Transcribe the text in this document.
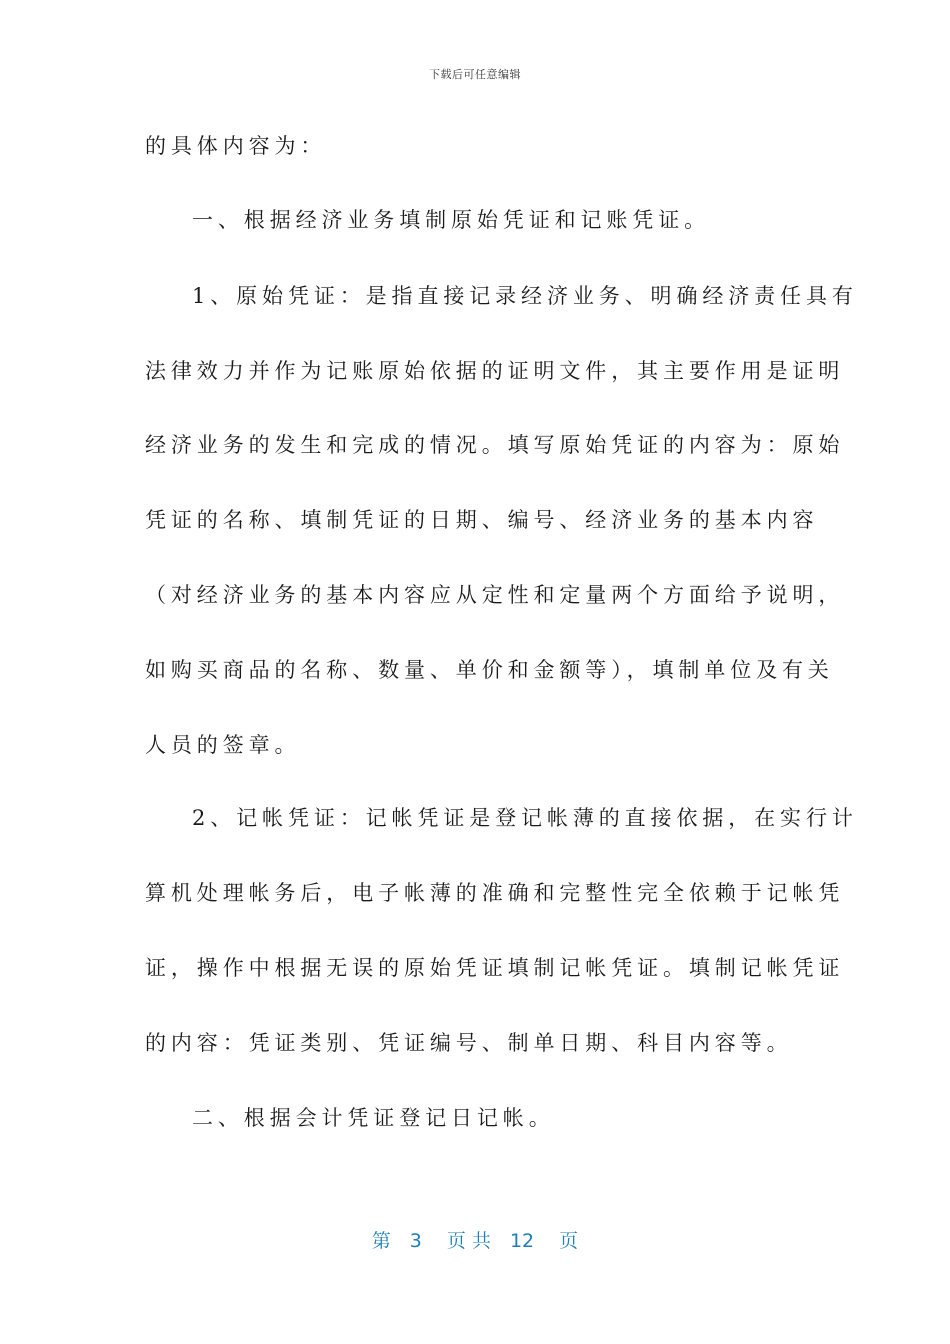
下载后可任意编辑
的具体内容为：
一、根据经济业务填制原始凭证和记账凭证。
1、原始凭证：是指直接记录经济业务、明确经济责任具有
法律效力并作为记账原始依据的证明文件，其主要作用是证明
经济业务的发生和完成的情况。填写原始凭证的内容为：原始
凭证的名称、填制凭证的日期、编号、经济业务的基本内容
（对经济业务的基本内容应从定性和定量两个方面给予说明，
如购买商品的名称、数量、单价和金额等），填制单位及有关
人员的签章。
2、记帐凭证：记帐凭证是登记帐薄的直接依据，在实行计
算机处理帐务后，电子帐薄的准确和完整性完全依赖于记帐凭
证，操作中根据无误的原始凭证填制记帐凭证。填制记帐凭证
的内容：凭证类别、凭证编号、制单日期、科目内容等。
二、根据会计凭证登记日记帐。
第　3　 页 共　12　 页
